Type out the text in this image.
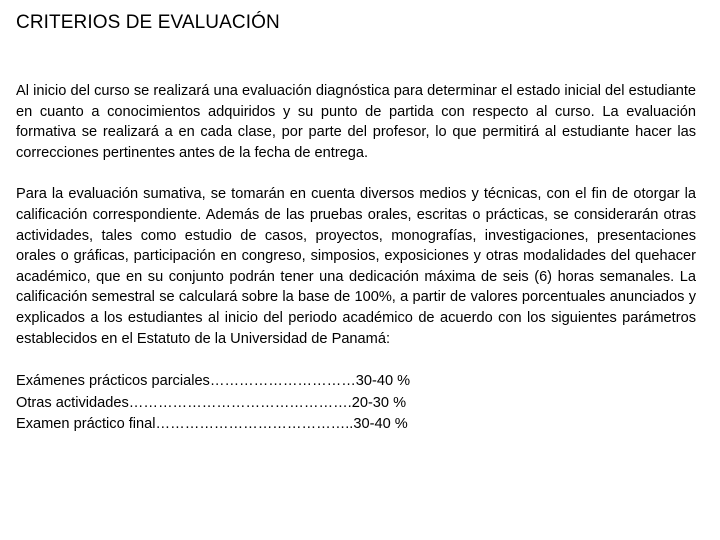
CRITERIOS DE EVALUACIÓN

Al inicio del curso se realizará una evaluación diagnóstica para determinar el estado inicial del estudiante en cuanto a conocimientos adquiridos y su punto de partida con respecto al curso. La evaluación formativa se realizará a en cada clase, por parte del profesor, lo que permitirá al estudiante hacer las correcciones pertinentes antes de la fecha de entrega.

Para la evaluación sumativa, se tomarán en cuenta diversos medios y técnicas, con el fin de otorgar la calificación correspondiente. Además de las pruebas orales, escritas o prácticas, se considerarán otras actividades, tales como estudio de casos, proyectos, monografías, investigaciones, presentaciones orales o gráficas, participación en congreso, simposios, exposiciones y otras modalidades del quehacer académico, que en su conjunto podrán tener una dedicación máxima de seis (6) horas semanales. La calificación semestral se calculará sobre la base de 100%, a partir de valores porcentuales anunciados y explicados a los estudiantes al inicio del periodo académico de acuerdo con los siguientes parámetros establecidos en el Estatuto de la Universidad de Panamá:

Exámenes prácticos parciales ………………………… 30-40 %
Otras actividades ………………………………………. 20-30 %
Examen práctico final ………………………………….. 30-40 %
